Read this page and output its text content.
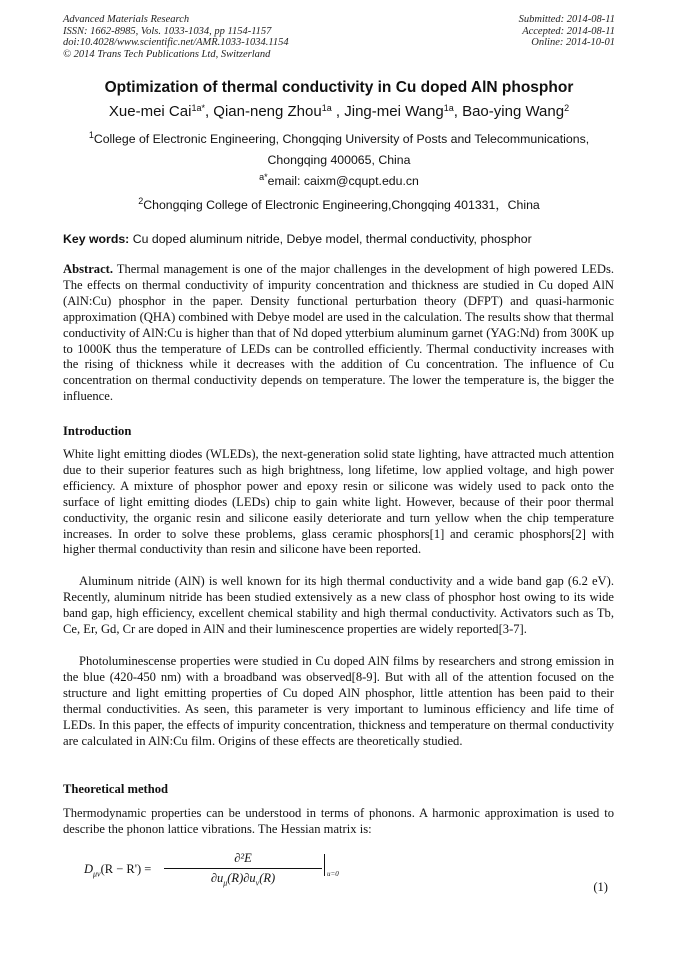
Advanced Materials Research
ISSN: 1662-8985, Vols. 1033-1034, pp 1154-1157
doi:10.4028/www.scientific.net/AMR.1033-1034.1154
© 2014 Trans Tech Publications Ltd, Switzerland
Submitted: 2014-08-11
Accepted: 2014-08-11
Online: 2014-10-01
Optimization of thermal conductivity in Cu doped AlN phosphor
Xue-mei Cai$^{1a*}$, Qian-neng Zhou$^{1a}$ , Jing-mei Wang$^{1a}$, Bao-ying Wang$^2$
$^1$College of Electronic Engineering, Chongqing University of Posts and Telecommunications,
Chongqing 400065, China
$^{a*}$email: caixm@cqupt.edu.cn
$^2$Chongqing College of Electronic Engineering,Chongqing 401331，China
Key words: Cu doped aluminum nitride, Debye model, thermal conductivity, phosphor
Abstract. Thermal management is one of the major challenges in the development of high powered LEDs. The effects on thermal conductivity of impurity concentration and thickness are studied in Cu doped AlN (AlN:Cu) phosphor in the paper. Density functional perturbation theory (DFPT) and quasi-harmonic approximation (QHA) combined with Debye model are used in the calculation. The results show that thermal conductivity of AlN:Cu is higher than that of Nd doped ytterbium aluminum garnet (YAG:Nd) from 300K up to 1000K thus the temperature of LEDs can be controlled efficiently. Thermal conductivity increases with the rising of thickness while it decreases with the addition of Cu concentration. The influence of Cu concentration on thermal conductivity depends on temperature. The lower the temperature is, the bigger the influence.
Introduction
White light emitting diodes (WLEDs), the next-generation solid state lighting, have attracted much attention due to their superior features such as high brightness, long lifetime, low applied voltage, and high power efficiency. A mixture of phosphor power and epoxy resin or silicone was widely used to pack onto the surface of light emitting diodes (LEDs) chip to gain white light. However, because of their poor thermal conductivity, the organic resin and silicone easily deteriorate and turn yellow when the chip temperature increases. In order to solve these problems, glass ceramic phosphors[1] and ceramic phosphors[2] with higher thermal conductivity than resin and silicone have been reported.
Aluminum nitride (AlN) is well known for its high thermal conductivity and a wide band gap (6.2 eV). Recently, aluminum nitride has been studied extensively as a new class of phosphor host owing to its wide band gap, high efficiency, excellent chemical stability and high thermal conductivity. Activators such as Tb, Ce, Er, Gd, Cr are doped in AlN and their luminescence properties are widely reported[3-7].
Photoluminescense properties were studied in Cu doped AlN films by researchers and strong emission in the blue (420-450 nm) with a broadband was observed[8-9]. But with all of the attention focused on the structure and light emitting properties of Cu doped AlN phosphor, little attention has been paid to their thermal conductivities. As seen, this parameter is very important to luminous efficiency and life time of LEDs. In this paper, the effects of impurity concentration, thickness and temperature on thermal conductivity are calculated in AlN:Cu film. Origins of these effects are theoretically studied.
Theoretical method
Thermodynamic properties can be understood in terms of phonons. A harmonic approximation is used to describe the phonon lattice vibrations. The Hessian matrix is:
$D_{\mu\nu}(R - R')$ =
∂²E
$\partial u_\mu(R)\partial u_\nu(R)$	u=0
(1)
